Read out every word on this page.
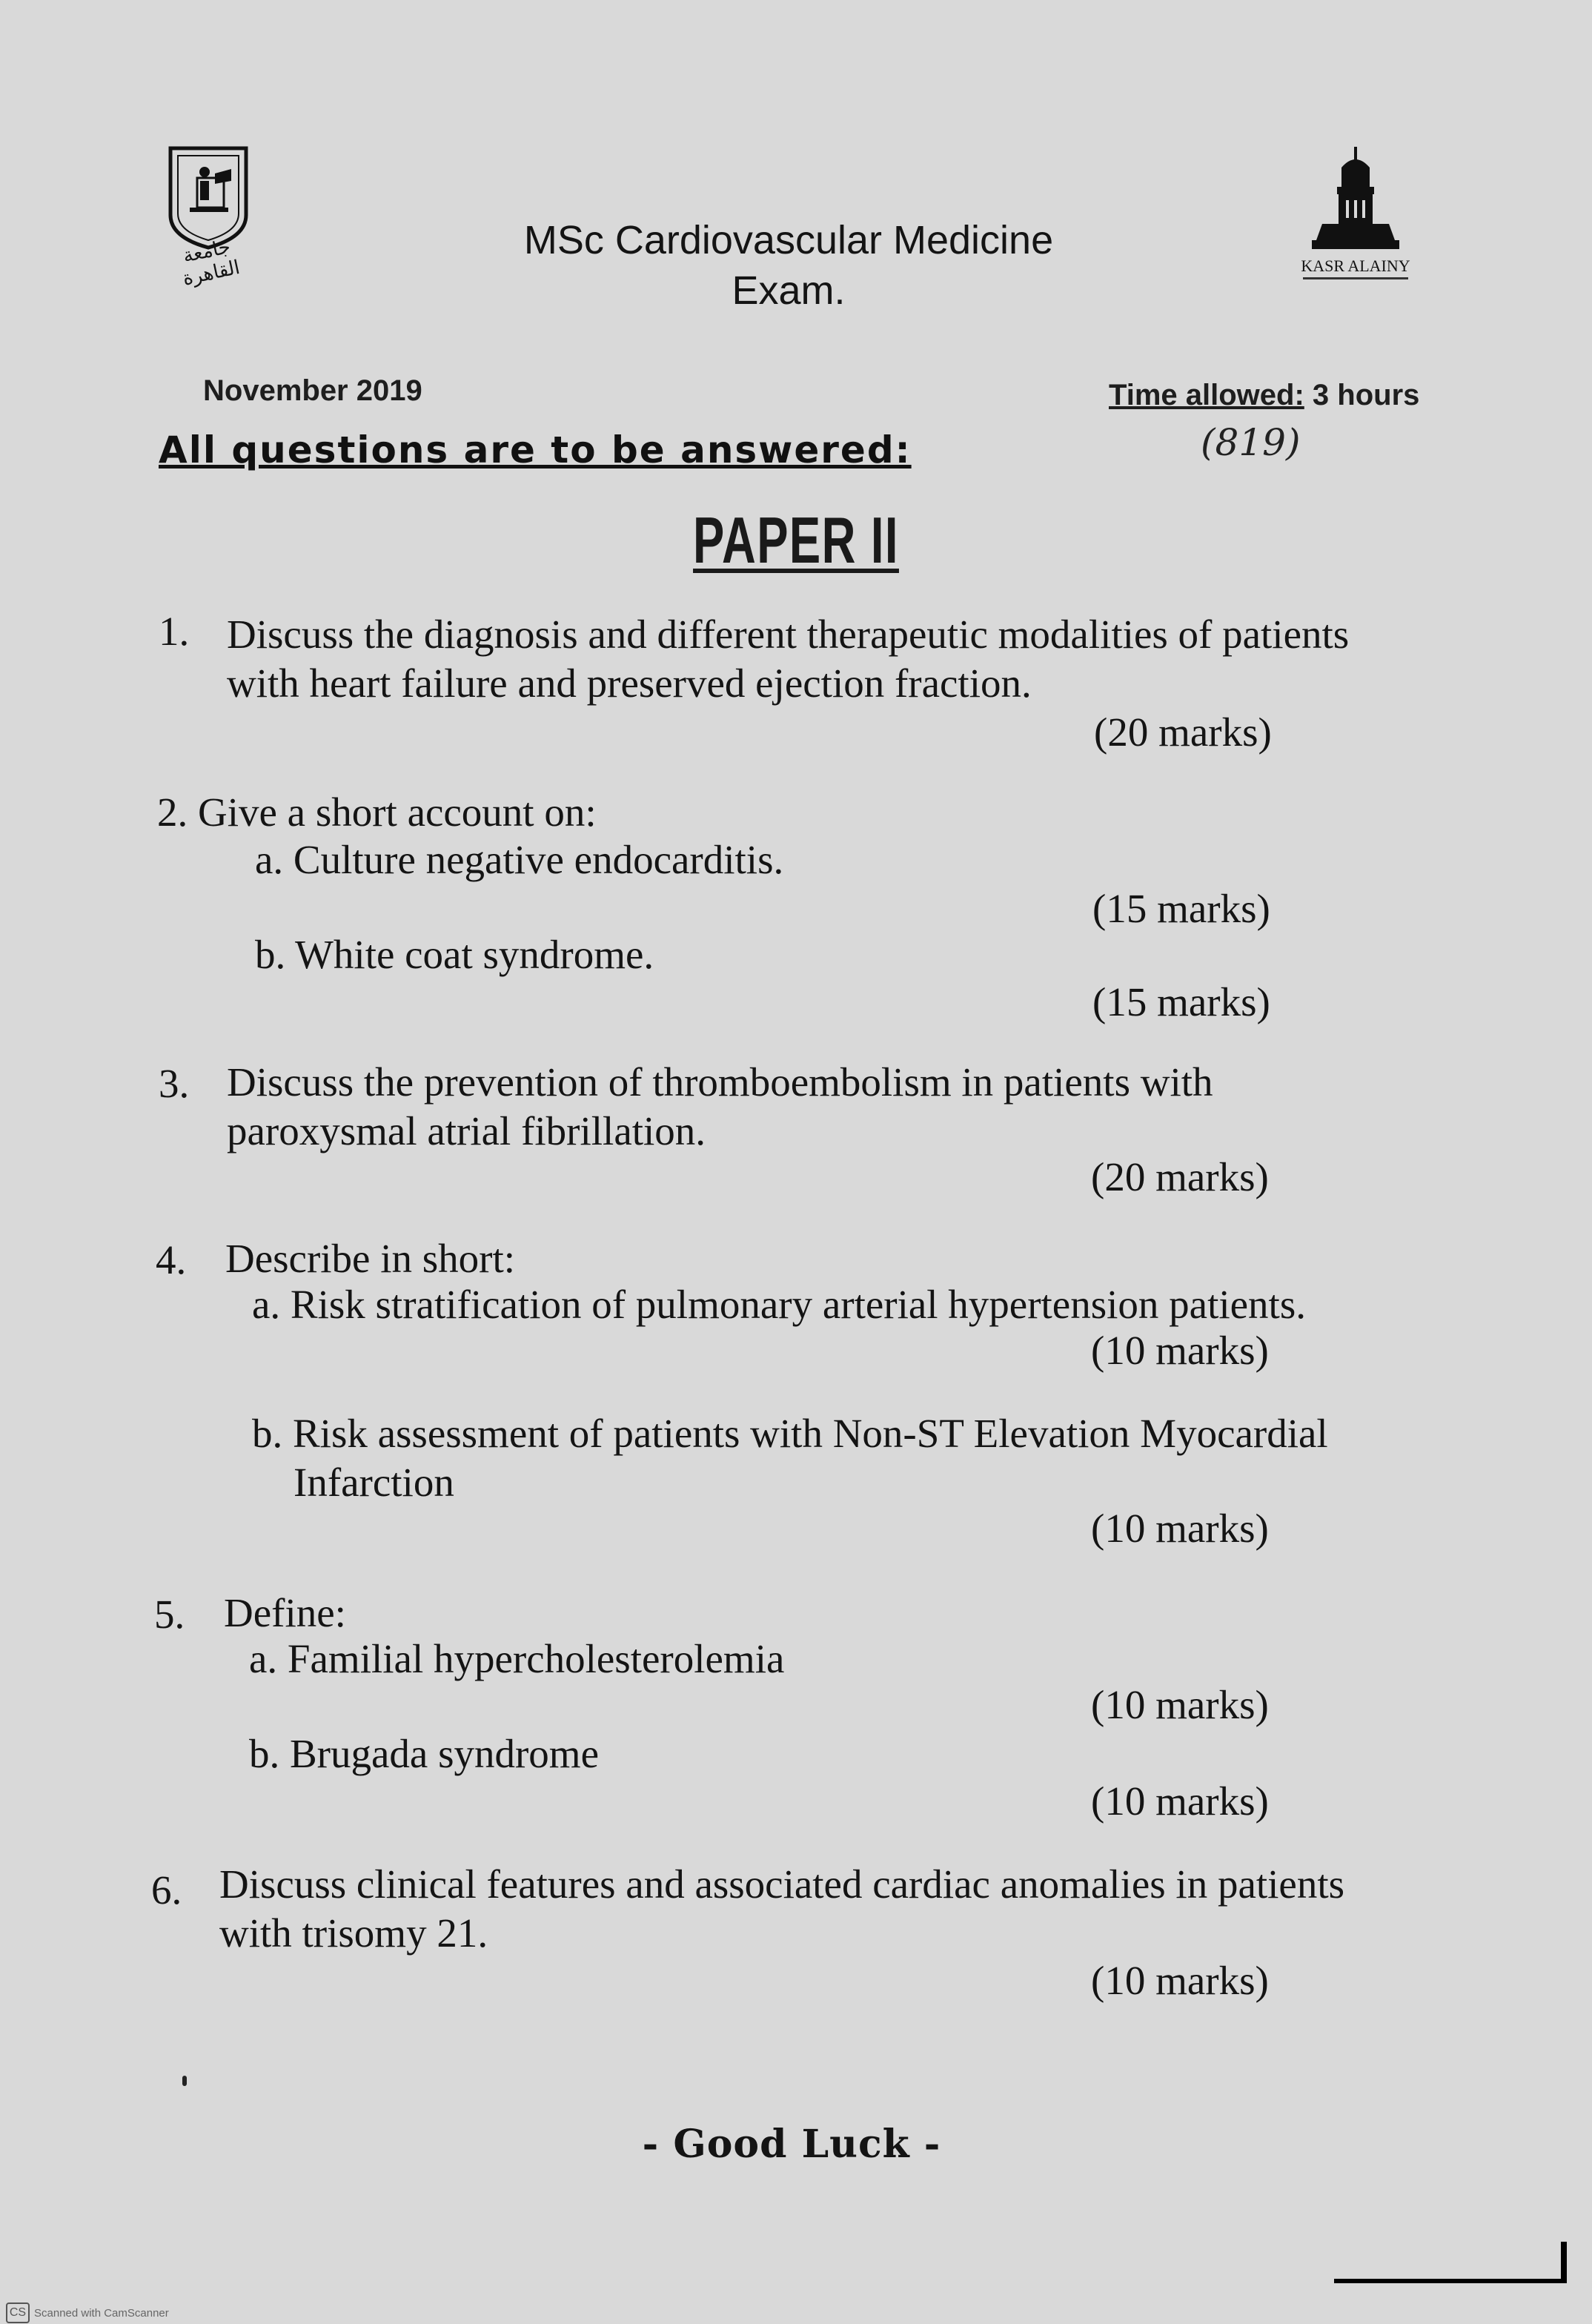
جامعة القاهرة	KASR ALAINY
MSc Cardiovascular Medicine
Exam.
November 2019	Time allowed: 3 hours
All questions are to be answered:	(819)
PAPER II
1. Discuss the diagnosis and different therapeutic modalities of patients
with heart failure and preserved ejection fraction.
(20 marks)
2. Give a short account on:
a. Culture negative endocarditis.
(15 marks)
b. White coat syndrome.
(15 marks)
3. Discuss the prevention of thromboembolism in patients with
paroxysmal atrial fibrillation.
(20 marks)
4. Describe in short:
a. Risk stratification of pulmonary arterial hypertension patients.
(10 marks)
b. Risk assessment of patients with Non-ST Elevation Myocardial
Infarction
(10 marks)
5. Define:
a. Familial hypercholesterolemia
(10 marks)
b. Brugada syndrome
(10 marks)
6. Discuss clinical features and associated cardiac anomalies in patients
with trisomy 21.
(10 marks)
- Good Luck -
CS Scanned with CamScanner
